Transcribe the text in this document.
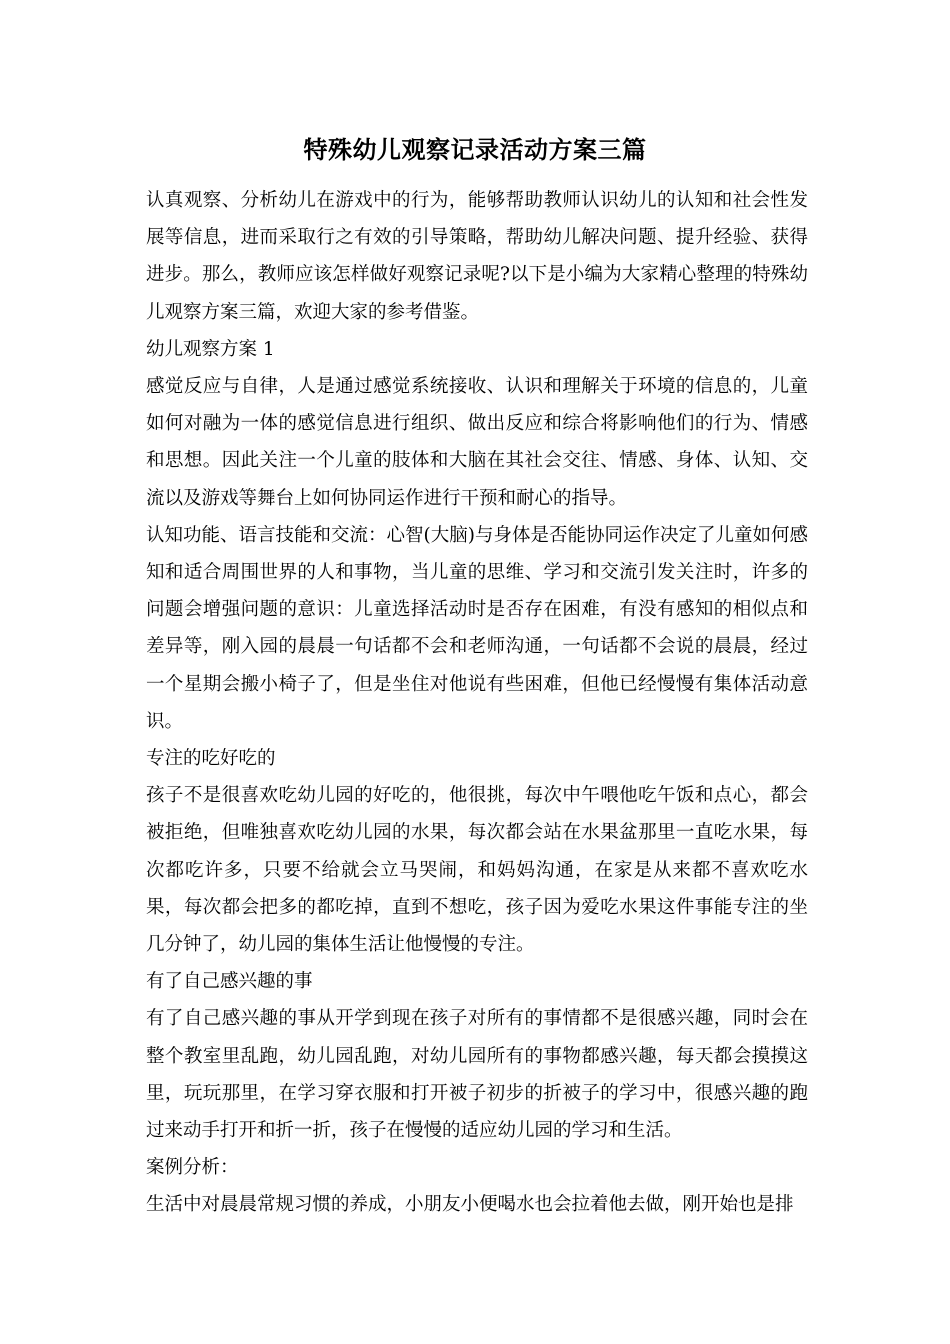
特殊幼儿观察记录活动方案三篇

认真观察、分析幼儿在游戏中的行为，能够帮助教师认识幼儿的认知和社会性发展等信息，进而采取行之有效的引导策略，帮助幼儿解决问题、提升经验、获得进步。那么，教师应该怎样做好观察记录呢?以下是小编为大家精心整理的特殊幼儿观察方案三篇，欢迎大家的参考借鉴。

幼儿观察方案 1

感觉反应与自律，人是通过感觉系统接收、认识和理解关于环境的信息的，儿童如何对融为一体的感觉信息进行组织、做出反应和综合将影响他们的行为、情感和思想。因此关注一个儿童的肢体和大脑在其社会交往、情感、身体、认知、交流以及游戏等舞台上如何协同运作进行干预和耐心的指导。

认知功能、语言技能和交流：心智(大脑)与身体是否能协同运作决定了儿童如何感知和适合周围世界的人和事物，当儿童的思维、学习和交流引发关注时，许多的问题会增强问题的意识：儿童选择活动时是否存在困难，有没有感知的相似点和差异等，刚入园的晨晨一句话都不会和老师沟通，一句话都不会说的晨晨，经过一个星期会搬小椅子了，但是坐住对他说有些困难，但他已经慢慢有集体活动意识。

专注的吃好吃的

孩子不是很喜欢吃幼儿园的好吃的，他很挑，每次中午喂他吃午饭和点心，都会被拒绝，但唯独喜欢吃幼儿园的水果，每次都会站在水果盆那里一直吃水果，每次都吃许多，只要不给就会立马哭闹，和妈妈沟通，在家是从来都不喜欢吃水果，每次都会把多的都吃掉，直到不想吃，孩子因为爱吃水果这件事能专注的坐几分钟了，幼儿园的集体生活让他慢慢的专注。

有了自己感兴趣的事

有了自己感兴趣的事从开学到现在孩子对所有的事情都不是很感兴趣，同时会在整个教室里乱跑，幼儿园乱跑，对幼儿园所有的事物都感兴趣，每天都会摸摸这里，玩玩那里，在学习穿衣服和打开被子初步的折被子的学习中，很感兴趣的跑过来动手打开和折一折，孩子在慢慢的适应幼儿园的学习和生活。

案例分析：

生活中对晨晨常规习惯的养成，小朋友小便喝水也会拉着他去做，刚开始也是排
